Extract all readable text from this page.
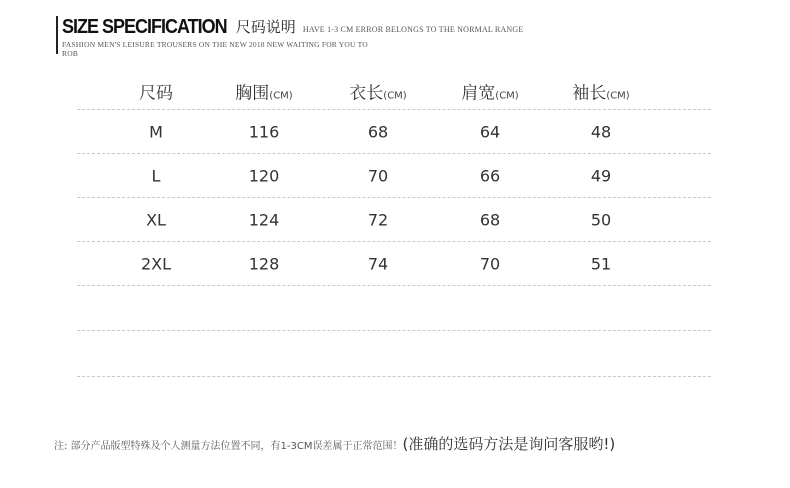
SIZE SPECIFICATION 尺码说明 HAVE 1-3 CM ERROR BELONGS TO THE NORMAL RANGE
FASHION MEN'S LEISURE TROUSERS ON THE NEW 2018 NEW WAITING FOR YOU TO ROB
尺码	胸围(CM)	衣长(CM)	肩宽(CM)	袖长(CM)
M	116	68	64	48
L	120	70	66	49
XL	124	72	68	50
2XL	128	74	70	51
注: 部分产品版型特殊及个人测量方法位置不同，有1-3CM误差属于正常范围！(准确的选码方法是询问客服哟!)
